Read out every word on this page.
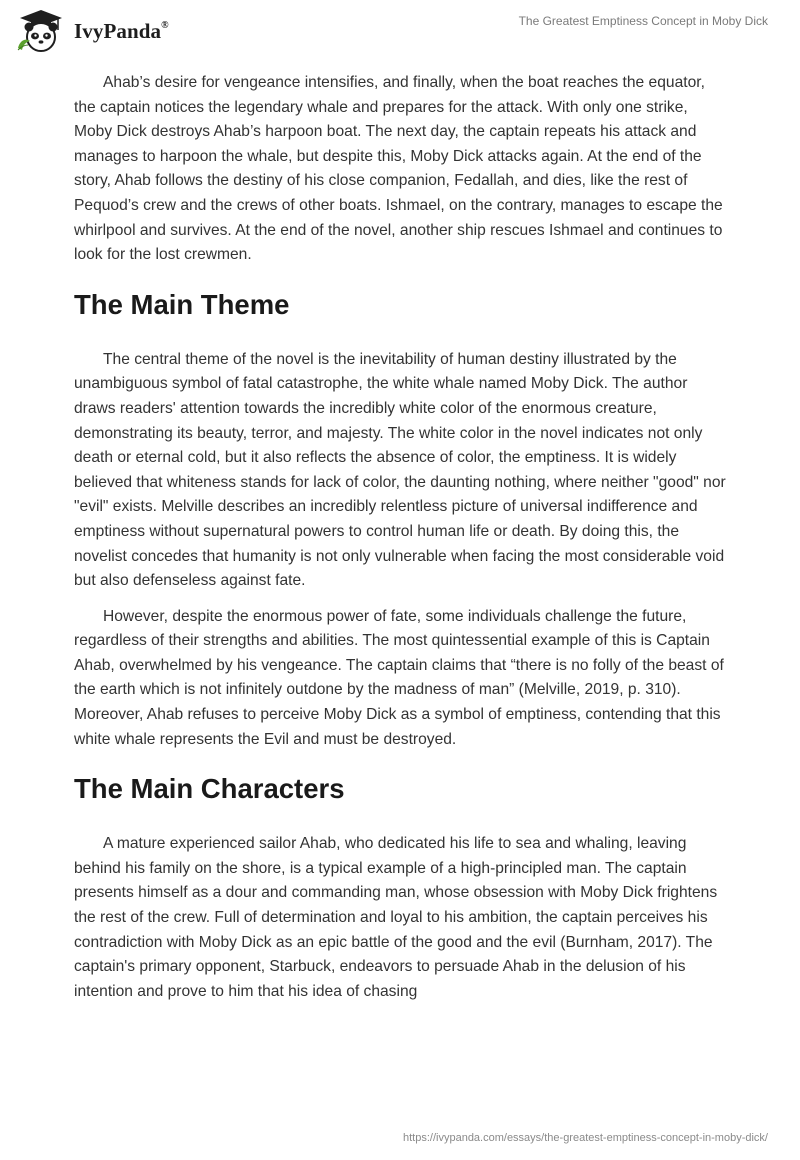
IvyPanda®	The Greatest Emptiness Concept in Moby Dick

Ahab’s desire for vengeance intensifies, and finally, when the boat reaches the equator, the captain notices the legendary whale and prepares for the attack. With only one strike, Moby Dick destroys Ahab’s harpoon boat. The next day, the captain repeats his attack and manages to harpoon the whale, but despite this, Moby Dick attacks again. At the end of the story, Ahab follows the destiny of his close companion, Fedallah, and dies, like the rest of Pequod’s crew and the crews of other boats. Ishmael, on the contrary, manages to escape the whirlpool and survives. At the end of the novel, another ship rescues Ishmael and continues to look for the lost crewmen.

The Main Theme

The central theme of the novel is the inevitability of human destiny illustrated by the unambiguous symbol of fatal catastrophe, the white whale named Moby Dick. The author draws readers' attention towards the incredibly white color of the enormous creature, demonstrating its beauty, terror, and majesty. The white color in the novel indicates not only death or eternal cold, but it also reflects the absence of color, the emptiness. It is widely believed that whiteness stands for lack of color, the daunting nothing, where neither "good" nor "evil" exists. Melville describes an incredibly relentless picture of universal indifference and emptiness without supernatural powers to control human life or death. By doing this, the novelist concedes that humanity is not only vulnerable when facing the most considerable void but also defenseless against fate.

However, despite the enormous power of fate, some individuals challenge the future, regardless of their strengths and abilities. The most quintessential example of this is Captain Ahab, overwhelmed by his vengeance. The captain claims that “there is no folly of the beast of the earth which is not infinitely outdone by the madness of man” (Melville, 2019, p. 310). Moreover, Ahab refuses to perceive Moby Dick as a symbol of emptiness, contending that this white whale represents the Evil and must be destroyed.

The Main Characters

A mature experienced sailor Ahab, who dedicated his life to sea and whaling, leaving behind his family on the shore, is a typical example of a high-principled man. The captain presents himself as a dour and commanding man, whose obsession with Moby Dick frightens the rest of the crew. Full of determination and loyal to his ambition, the captain perceives his contradiction with Moby Dick as an epic battle of the good and the evil (Burnham, 2017). The captain's primary opponent, Starbuck, endeavors to persuade Ahab in the delusion of his intention and prove to him that his idea of chasing

https://ivypanda.com/essays/the-greatest-emptiness-concept-in-moby-dick/
